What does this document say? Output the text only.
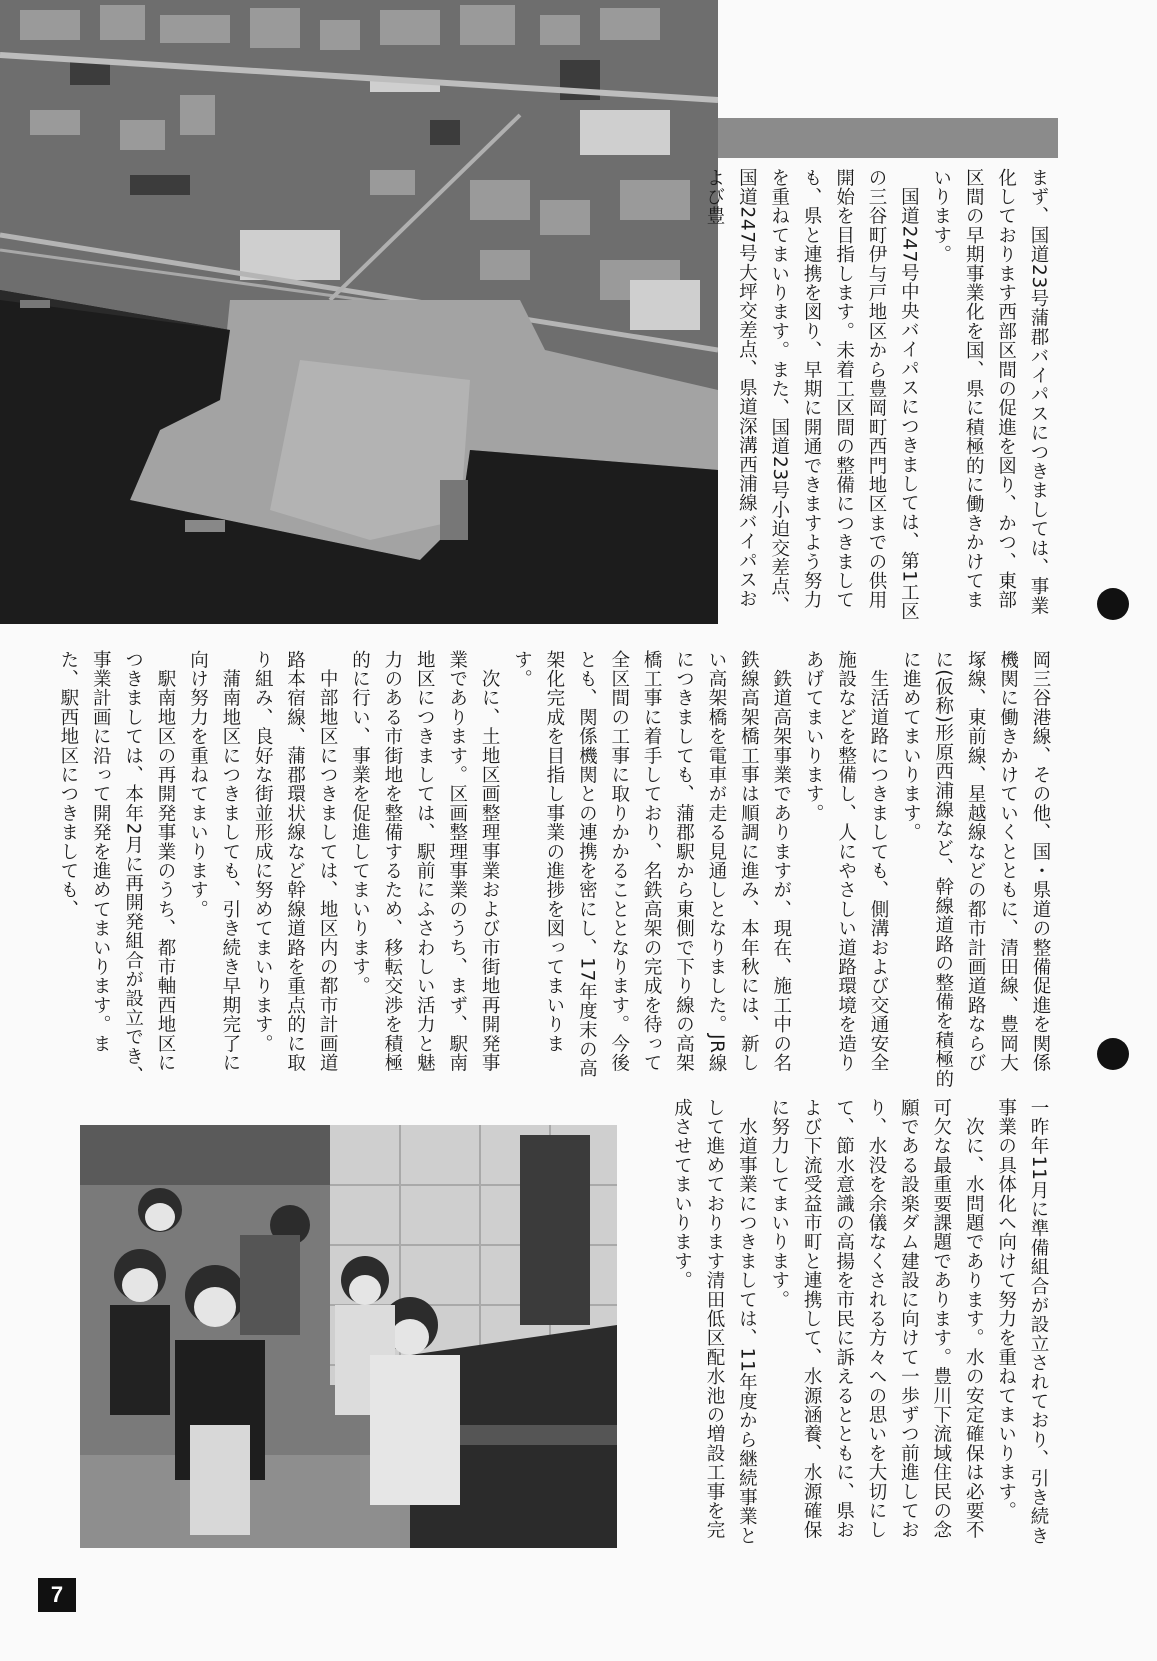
まず、国道23号蒲郡バイパスにつきましては、事業化しております西部区間の促進を図り、かつ、東部区間の早期事業化を国、県に積極的に働きかけてまいります。
　国道247号中央バイパスにつきましては、第1工区の三谷町伊与戸地区から豊岡町西門地区までの供用開始を目指します。未着工区間の整備につきましても、県と連携を図り、早期に開通できますよう努力を重ねてまいります。また、国道23号小迫交差点、国道247号大坪交差点、県道深溝西浦線バイパスおよび豊
岡三谷港線、その他、国・県道の整備促進を関係機関に働きかけていくとともに、清田線、豊岡大塚線、東前線、星越線などの都市計画道路ならびに(仮称)形原西浦線など、幹線道路の整備を積極的に進めてまいります。
　生活道路につきましても、側溝および交通安全施設などを整備し、人にやさしい道路環境を造りあげてまいります。
　鉄道高架事業でありますが、現在、施工中の名鉄線高架橋工事は順調に進み、本年秋には、新しい高架橋を電車が走る見通しとなりました。JR線につきましても、蒲郡駅から東側で下り線の高架橋工事に着手しており、名鉄高架の完成を待って全区間の工事に取りかかることとなります。今後とも、関係機関との連携を密にし、17年度末の高架化完成を目指し事業の進捗を図ってまいります。
　次に、土地区画整理事業および市街地再開発事業であります。区画整理事業のうち、まず、駅南地区につきましては、駅前にふさわしい活力と魅力のある市街地を整備するため、移転交渉を積極的に行い、事業を促進してまいります。
　中部地区につきましては、地区内の都市計画道路本宿線、蒲郡環状線など幹線道路を重点的に取り組み、良好な街並形成に努めてまいります。
　蒲南地区につきましても、引き続き早期完了に向け努力を重ねてまいります。
　駅南地区の再開発事業のうち、都市軸西地区につきましては、本年2月に再開発組合が設立でき、事業計画に沿って開発を進めてまいります。また、駅西地区につきましても、
一昨年11月に準備組合が設立されており、引き続き事業の具体化へ向けて努力を重ねてまいります。
　次に、水問題であります。水の安定確保は必要不可欠な最重要課題であります。豊川下流域住民の念願である設楽ダム建設に向けて一歩ずつ前進しており、水没を余儀なくされる方々への思いを大切にして、節水意識の高揚を市民に訴えるとともに、県および下流受益市町と連携して、水源涵養、水源確保に努力してまいります。
　水道事業につきましては、11年度から継続事業として進めております清田低区配水池の増設工事を完成させてまいります。
7
